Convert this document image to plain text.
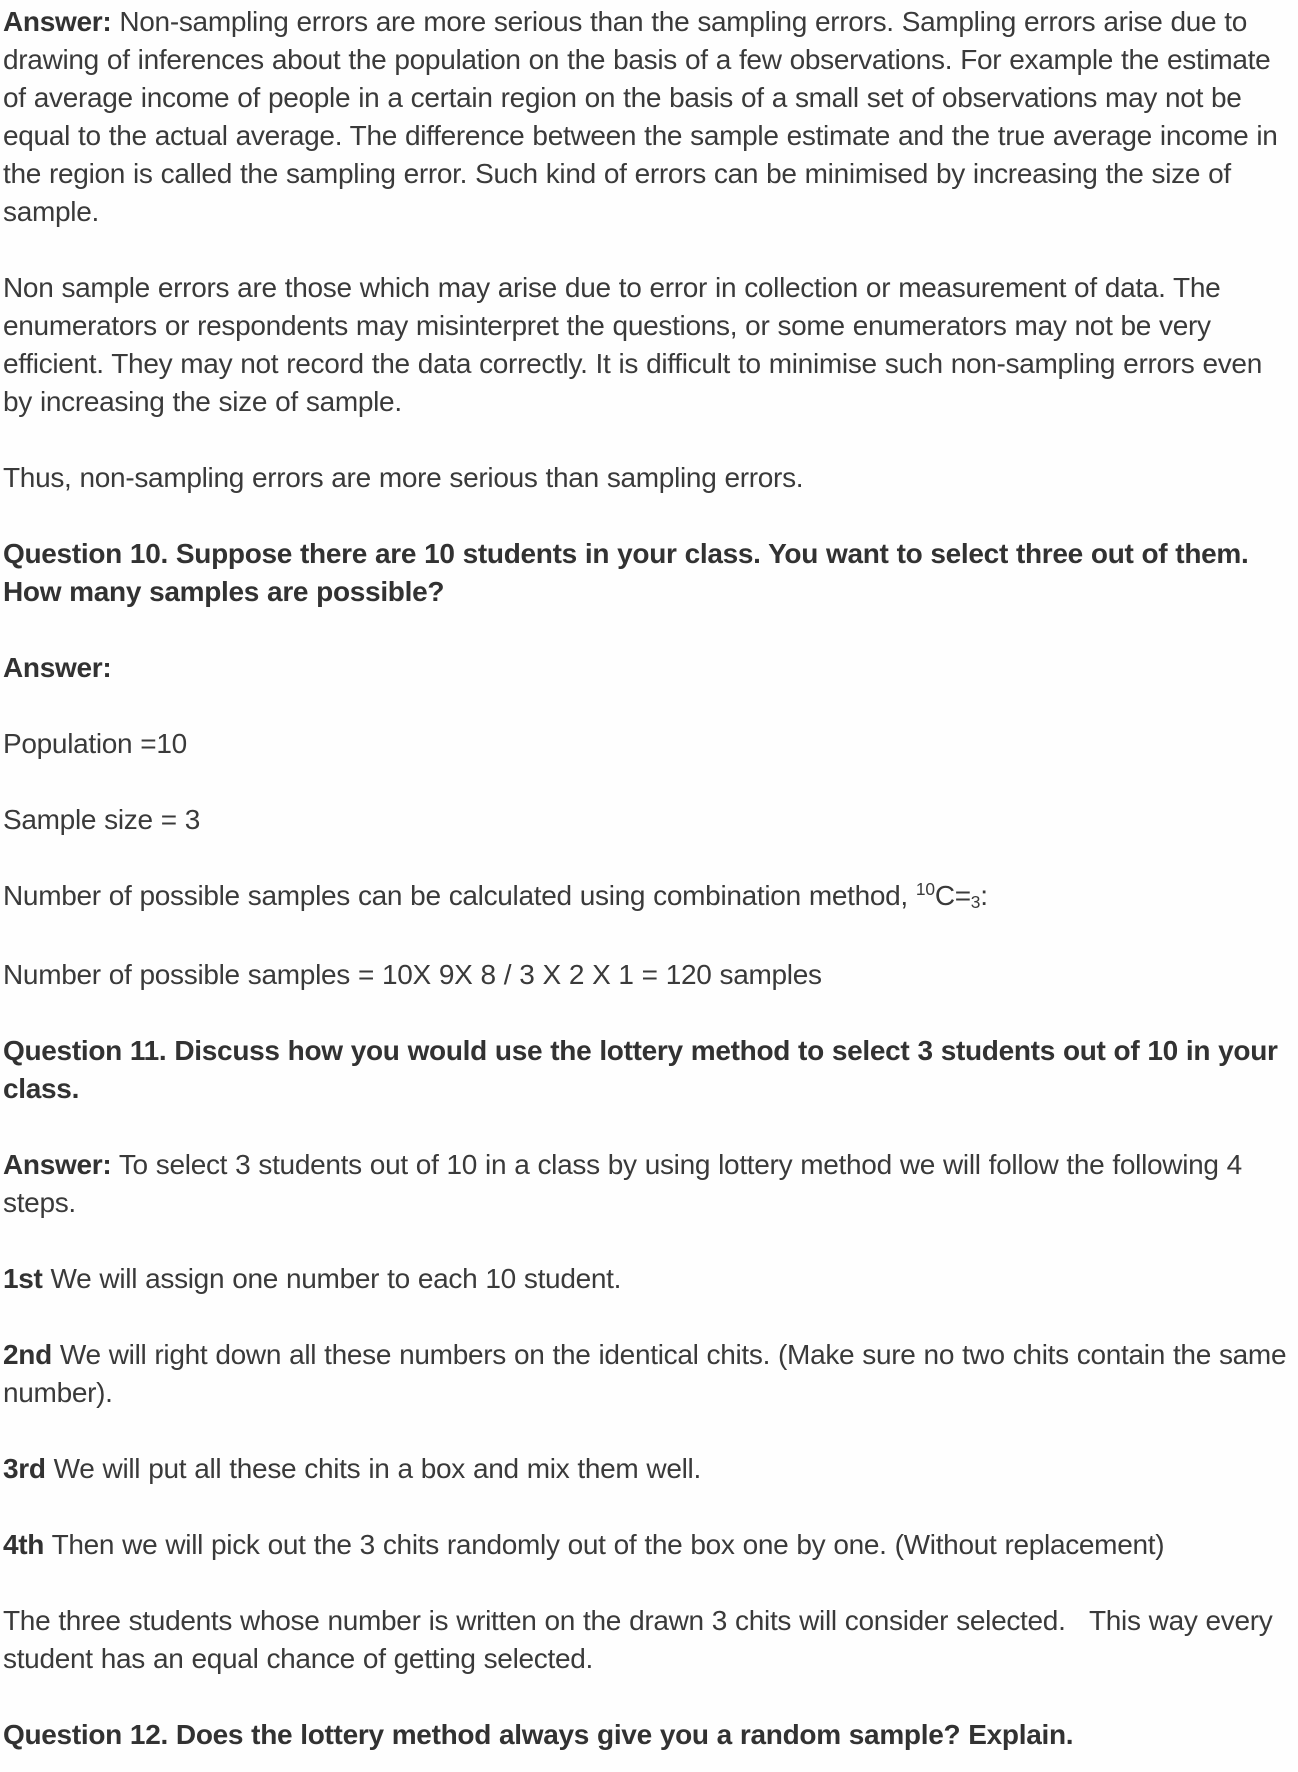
Answer: Non-sampling errors are more serious than the sampling errors. Sampling errors arise due to drawing of inferences about the population on the basis of a few observations. For example the estimate of average income of people in a certain region on the basis of a small set of observations may not be equal to the actual average. The difference between the sample estimate and the true average income in the region is called the sampling error. Such kind of errors can be minimised by increasing the size of sample.

Non sample errors are those which may arise due to error in collection or measurement of data. The enumerators or respondents may misinterpret the questions, or some enumerators may not be very efficient. They may not record the data correctly. It is difficult to minimise such non-sampling errors even by increasing the size of sample.

Thus, non-sampling errors are more serious than sampling errors.

Question 10. Suppose there are 10 students in your class. You want to select three out of them. How many samples are possible?

Answer:

Population =10

Sample size = 3

Number of possible samples can be calculated using combination method, $^{10}$C=3:

Number of possible samples = 10X 9X 8 / 3 X 2 X 1 = 120 samples

Question 11. Discuss how you would use the lottery method to select 3 students out of 10 in your class.

Answer: To select 3 students out of 10 in a class by using lottery method we will follow the following 4 steps.

1st We will assign one number to each 10 student.

2nd We will right down all these numbers on the identical chits. (Make sure no two chits contain the same number).

3rd We will put all these chits in a box and mix them well.

4th Then we will pick out the 3 chits randomly out of the box one by one. (Without replacement)

The three students whose number is written on the drawn 3 chits will consider selected.   This way every student has an equal chance of getting selected.

Question 12. Does the lottery method always give you a random sample? Explain.
